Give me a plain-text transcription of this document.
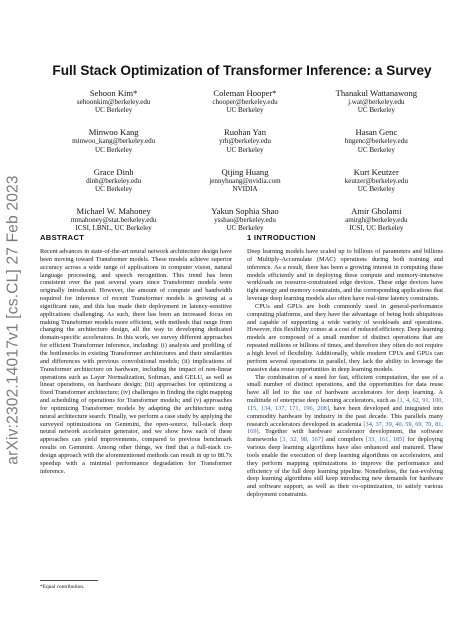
arXiv:2302.14017v1 [cs.CL] 27 Feb 2023
Full Stack Optimization of Transformer Inference: a Survey
Sehoon Kim*
sehoonkim@berkeley.edu
UC Berkeley
Coleman Hooper*
chooper@berkeley.edu
UC Berkeley
Thanakul Wattanawong
j.wat@berkeley.edu
UC Berkeley
Minwoo Kang
minwoo_kang@berkeley.edu
UC Berkeley
Ruohan Yan
yrh@berkeley.edu
UC Berkeley
Hasan Genc
hngenc@berkeley.edu
UC Berkeley
Grace Dinh
dinh@berkeley.edu
UC Berkeley
Qijing Huang
jennyhuang@nvidia.com
NVIDIA
Kurt Keutzer
keutzer@berkeley.edu
UC Berkeley
Michael W. Mahoney
mmahoney@stat.berkeley.edu
ICSI, LBNL, UC Berkeley
Yakun Sophia Shao
ysshao@berkeley.edu
UC Berkeley
Amir Gholami
amirgh@berkeley.edu
ICSI, UC Berkeley
ABSTRACT

Recent advances in state-of-the-art neural network architecture design have been moving toward Transformer models. These models achieve superior accuracy across a wide range of applications in computer vision, natural language processing, and speech recognition. This trend has been consistent over the past several years since Transformer models were originally introduced. However, the amount of compute and bandwidth required for inference of recent Transformer models is growing at a significant rate, and this has made their deployment in latency-sensitive applications challenging. As such, there has been an increased focus on making Transformer models more efficient, with methods that range from changing the architecture design, all the way to developing dedicated domain-specific accelerators. In this work, we survey different approaches for efficient Transformer inference, including: (i) analysis and profiling of the bottlenecks in existing Transformer architectures and their similarities and differences with previous convolutional models; (ii) implications of Transformer architecture on hardware, including the impact of non-linear operations such as Layer Normalization, Softmax, and GELU, as well as linear operations, on hardware design; (iii) approaches for optimizing a fixed Transformer architecture; (iv) challenges in finding the right mapping and scheduling of operations for Transformer models; and (v) approaches for optimizing Transformer models by adapting the architecture using neural architecture search. Finally, we perform a case study by applying the surveyed optimizations on Gemmini, the open-source, full-stack deep neural network accelerator generator, and we show how each of these approaches can yield improvements, compared to previous benchmark results on Gemmini. Among other things, we find that a full-stack co-design approach with the aforementioned methods can result in up to 88.7x speedup with a minimal performance degradation for Transformer inference.

1 INTRODUCTION

Deep learning models have scaled up to billions of parameters and billions of Multiply-Accumulate (MAC) operations during both training and inference. As a result, there has been a growing interest in computing these models efficiently and in deploying these compute and memory-intensive workloads on resource-constrained edge devices. These edge devices have tight energy and memory constraints, and the corresponding applications that leverage deep learning models also often have real-time latency constraints.

CPUs and GPUs are both commonly used in general-performance computing platforms, and they have the advantage of being both ubiquitous and capable of supporting a wide variety of workloads and operations. However, this flexibility comes at a cost of reduced efficiency. Deep learning models are composed of a small number of distinct operations that are repeated millions or billions of times, and therefore they often do not require a high level of flexibility. Additionally, while modern CPUs and GPUs can perform several operations in parallel, they lack the ability to leverage the massive data reuse opportunities in deep learning models.

The combination of a need for fast, efficient computation, the use of a small number of distinct operations, and the opportunities for data reuse have all led to the use of hardware accelerators for deep learning. A multitude of enterprise deep learning accelerators, such as [1, 4, 62, 91, 100, 115, 134, 137, 171, 196, 208], have been developed and integrated into commodity hardware by industry in the past decade. This parallels many research accelerators developed in academia [34, 37, 39, 40, 59, 69, 70, 81, 169]. Together with hardware accelerator development, the software frameworks [3, 32, 98, 167] and compilers [33, 161, 185] for deploying various deep learning algorithms have also enhanced and matured. These tools enable the execution of deep learning algorithms on accelerators, and they perform mapping optimizations to improve the performance and efficiency of the full deep learning pipeline. Nonetheless, the fast-evolving deep learning algorithms still keep introducing new demands for hardware and software support, as well as their co-optimization, to satisfy various deployment constraints.

*Equal contribution.
